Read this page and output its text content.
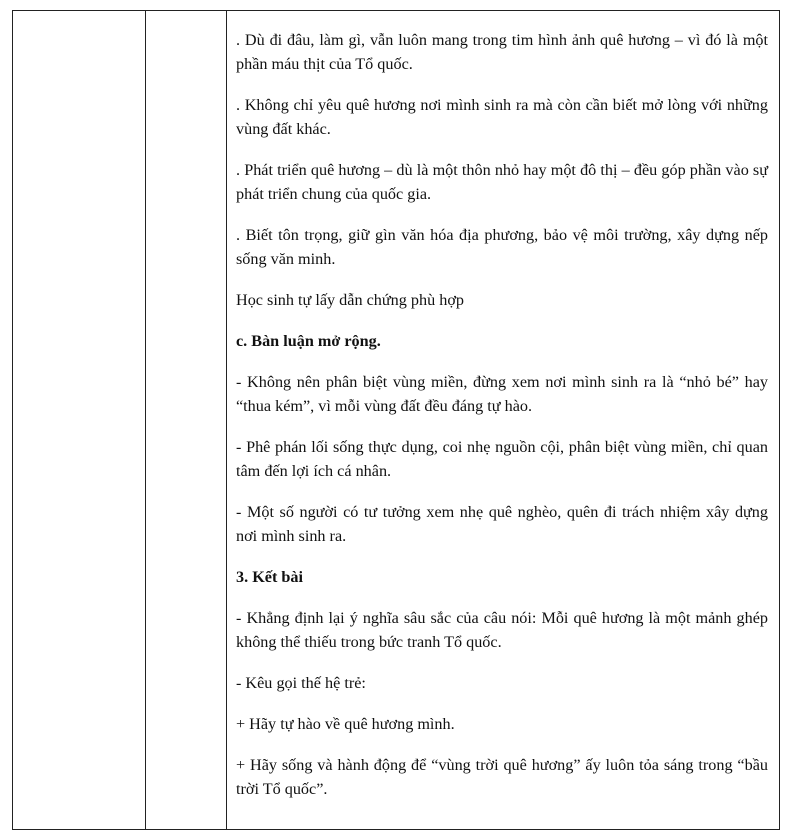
. Dù đi đâu, làm gì, vẫn luôn mang trong tim hình ảnh quê hương – vì đó là một phần máu thịt của Tổ quốc.

. Không chỉ yêu quê hương nơi mình sinh ra mà còn cần biết mở lòng với những vùng đất khác.

. Phát triển quê hương – dù là một thôn nhỏ hay một đô thị – đều góp phần vào sự phát triển chung của quốc gia.

. Biết tôn trọng, giữ gìn văn hóa địa phương, bảo vệ môi trường, xây dựng nếp sống văn minh.

Học sinh tự lấy dẫn chứng phù hợp

c. Bàn luận mở rộng.

- Không nên phân biệt vùng miền, đừng xem nơi mình sinh ra là “nhỏ bé” hay “thua kém”, vì mỗi vùng đất đều đáng tự hào.

- Phê phán lối sống thực dụng, coi nhẹ nguồn cội, phân biệt vùng miền, chỉ quan tâm đến lợi ích cá nhân.

- Một số người có tư tưởng xem nhẹ quê nghèo, quên đi trách nhiệm xây dựng nơi mình sinh ra.

3. Kết bài

- Khẳng định lại ý nghĩa sâu sắc của câu nói: Mỗi quê hương là một mảnh ghép không thể thiếu trong bức tranh Tổ quốc.

- Kêu gọi thế hệ trẻ:

+ Hãy tự hào về quê hương mình.

+ Hãy sống và hành động để “vùng trời quê hương” ấy luôn tỏa sáng trong “bầu trời Tổ quốc”.
